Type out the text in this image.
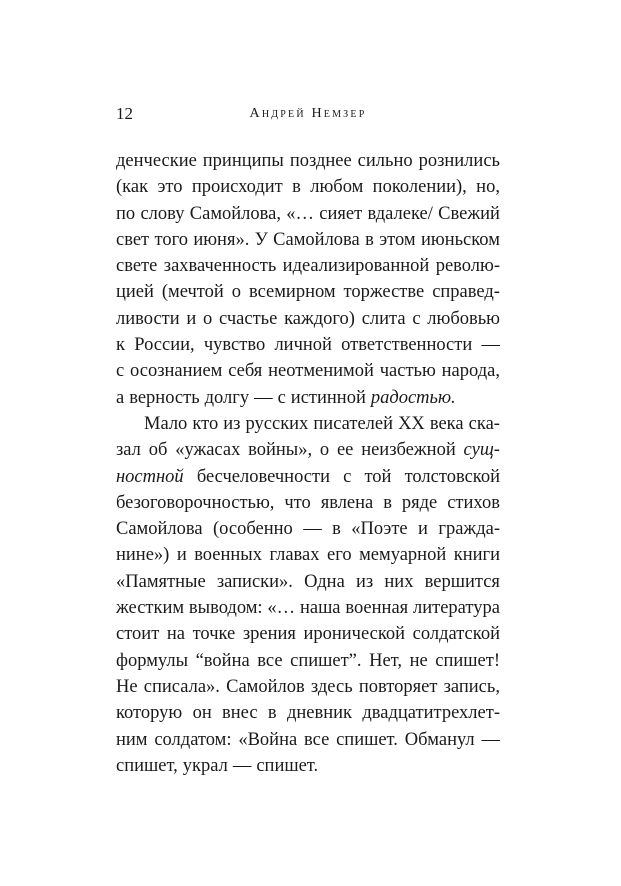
12	Андрей Немзер
денческие принципы позднее сильно рознились
(как это происходит в любом поколении), но,
по слову Самойлова, «… сияет вдалеке/ Свежий
свет того июня». У Самойлова в этом июньском
свете захваченность идеализированной револю-
цией (мечтой о всемирном торжестве справед-
ливости и о счастье каждого) слита с любовью
к России, чувство личной ответственности —
с осознанием себя неотменимой частью народа,
а верность долгу — с истинной радостью.
Мало кто из русских писателей XX века ска-
зал об «ужасах войны», о ее неизбежной сущ-
ностной бесчеловечности с той толстовской
безоговорочностью, что явлена в ряде стихов
Самойлова (особенно — в «Поэте и гражда-
нине») и военных главах его мемуарной книги
«Памятные записки». Одна из них вершится
жестким выводом: «… наша военная литература
стоит на точке зрения иронической солдатской
формулы “война все спишет”. Нет, не спишет!
Не списала». Самойлов здесь повторяет запись,
которую он внес в дневник двадцатитрехлет-
ним солдатом: «Война все спишет. Обманул —
спишет, украл — спишет.
